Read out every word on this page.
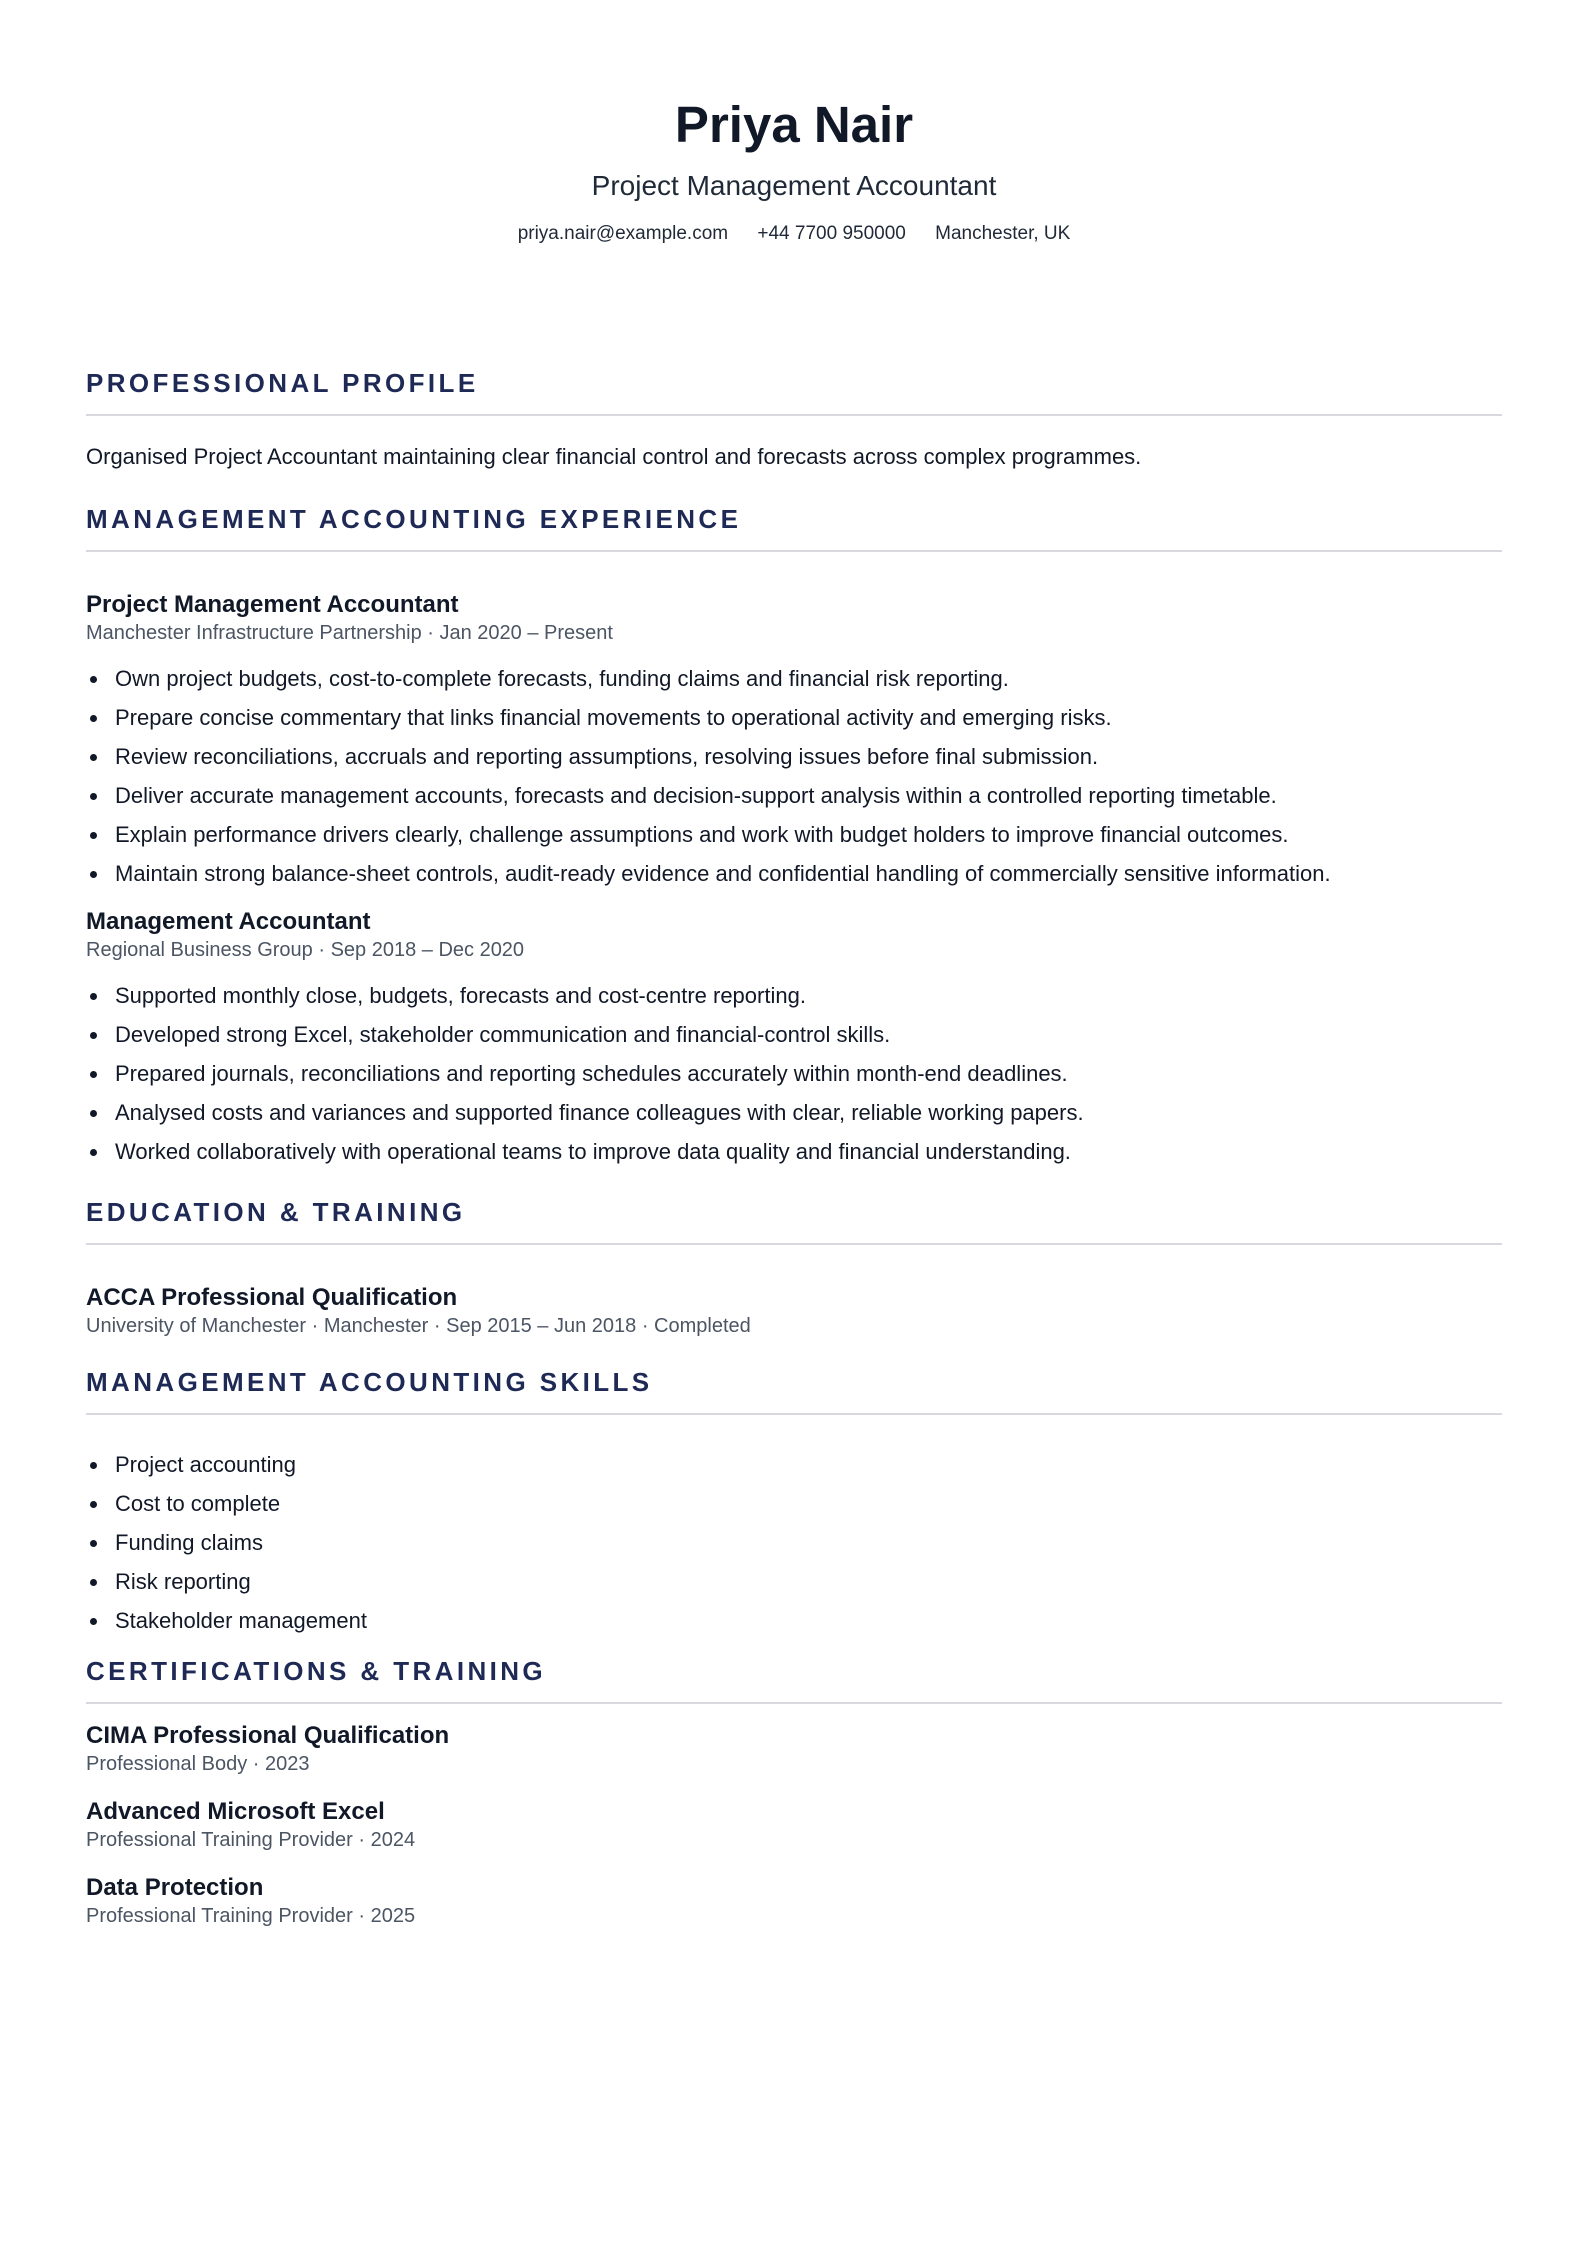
Priya Nair
Project Management Accountant
priya.nair@example.com +44 7700 950000 Manchester, UK
PROFESSIONAL PROFILE
Organised Project Accountant maintaining clear financial control and forecasts across complex programmes.
MANAGEMENT ACCOUNTING EXPERIENCE
Project Management Accountant
Manchester Infrastructure Partnership · Jan 2020 – Present
Own project budgets, cost-to-complete forecasts, funding claims and financial risk reporting.
Prepare concise commentary that links financial movements to operational activity and emerging risks.
Review reconciliations, accruals and reporting assumptions, resolving issues before final submission.
Deliver accurate management accounts, forecasts and decision-support analysis within a controlled reporting timetable.
Explain performance drivers clearly, challenge assumptions and work with budget holders to improve financial outcomes.
Maintain strong balance-sheet controls, audit-ready evidence and confidential handling of commercially sensitive information.
Management Accountant
Regional Business Group · Sep 2018 – Dec 2020
Supported monthly close, budgets, forecasts and cost-centre reporting.
Developed strong Excel, stakeholder communication and financial-control skills.
Prepared journals, reconciliations and reporting schedules accurately within month-end deadlines.
Analysed costs and variances and supported finance colleagues with clear, reliable working papers.
Worked collaboratively with operational teams to improve data quality and financial understanding.
EDUCATION & TRAINING
ACCA Professional Qualification
University of Manchester · Manchester · Sep 2015 – Jun 2018 · Completed
MANAGEMENT ACCOUNTING SKILLS
Project accounting
Cost to complete
Funding claims
Risk reporting
Stakeholder management
CERTIFICATIONS & TRAINING
CIMA Professional Qualification
Professional Body · 2023
Advanced Microsoft Excel
Professional Training Provider · 2024
Data Protection
Professional Training Provider · 2025
